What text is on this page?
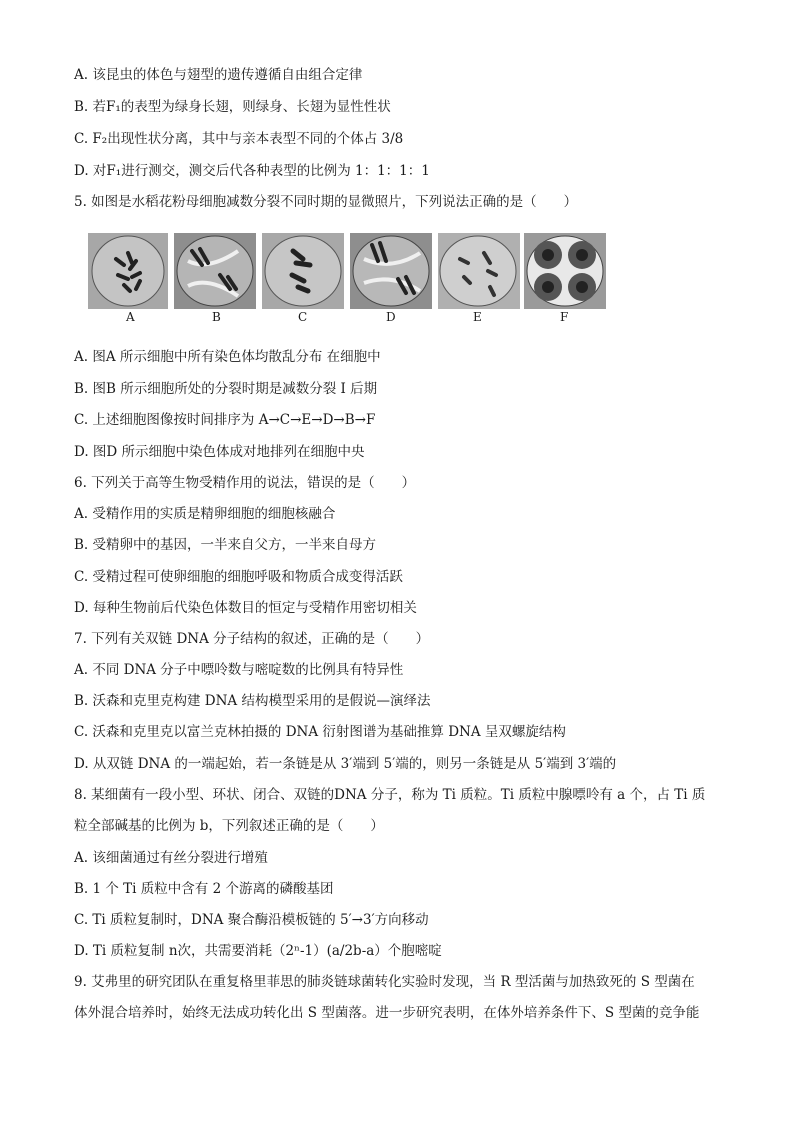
A. 该昆虫的体色与翅型的遗传遵循自由组合定律
B. 若F₁的表型为绿身长翅，则绿身、长翅为显性性状
C. F₂出现性状分离，其中与亲本表型不同的个体占 3/8
D. 对F₁进行测交，测交后代各种表型的比例为 1：1：1：1
5. 如图是水稻花粉母细胞减数分裂不同时期的显微照片，下列说法正确的是（　　）
A	B	C	D	E	F
A. 图A 所示细胞中所有染色体均散乱分布 在细胞中
B. 图B 所示细胞所处的分裂时期是减数分裂 I 后期
C. 上述细胞图像按时间排序为 A→C→E→D→B→F
D. 图D 所示细胞中染色体成对地排列在细胞中央
6. 下列关于高等生物受精作用的说法，错误的是（　　）
A. 受精作用的实质是精卵细胞的细胞核融合
B. 受精卵中的基因，一半来自父方，一半来自母方
C. 受精过程可使卵细胞的细胞呼吸和物质合成变得活跃
D. 每种生物前后代染色体数目的恒定与受精作用密切相关
7. 下列有关双链 DNA 分子结构的叙述，正确的是（　　）
A. 不同 DNA 分子中嘌呤数与嘧啶数的比例具有特异性
B. 沃森和克里克构建 DNA 结构模型采用的是假说—演绎法
C. 沃森和克里克以富兰克林拍摄的 DNA 衍射图谱为基础推算 DNA 呈双螺旋结构
D. 从双链 DNA 的一端起始，若一条链是从 3′端到 5′端的，则另一条链是从 5′端到 3′端的
8. 某细菌有一段小型、环状、闭合、双链的DNA 分子，称为 Ti 质粒。Ti 质粒中腺嘌呤有 a 个，占 Ti 质
粒全部碱基的比例为 b，下列叙述正确的是（　　）
A. 该细菌通过有丝分裂进行增殖
B. 1 个 Ti 质粒中含有 2 个游离的磷酸基团
C. Ti 质粒复制时，DNA 聚合酶沿模板链的 5′→3′方向移动
D. Ti 质粒复制 n次，共需要消耗（2ⁿ-1）(a/2b-a）个胞嘧啶
9. 艾弗里的研究团队在重复格里菲思的肺炎链球菌转化实验时发现，当 R 型活菌与加热致死的 S 型菌在
体外混合培养时，始终无法成功转化出 S 型菌落。进一步研究表明，在体外培养条件下、S 型菌的竞争能
